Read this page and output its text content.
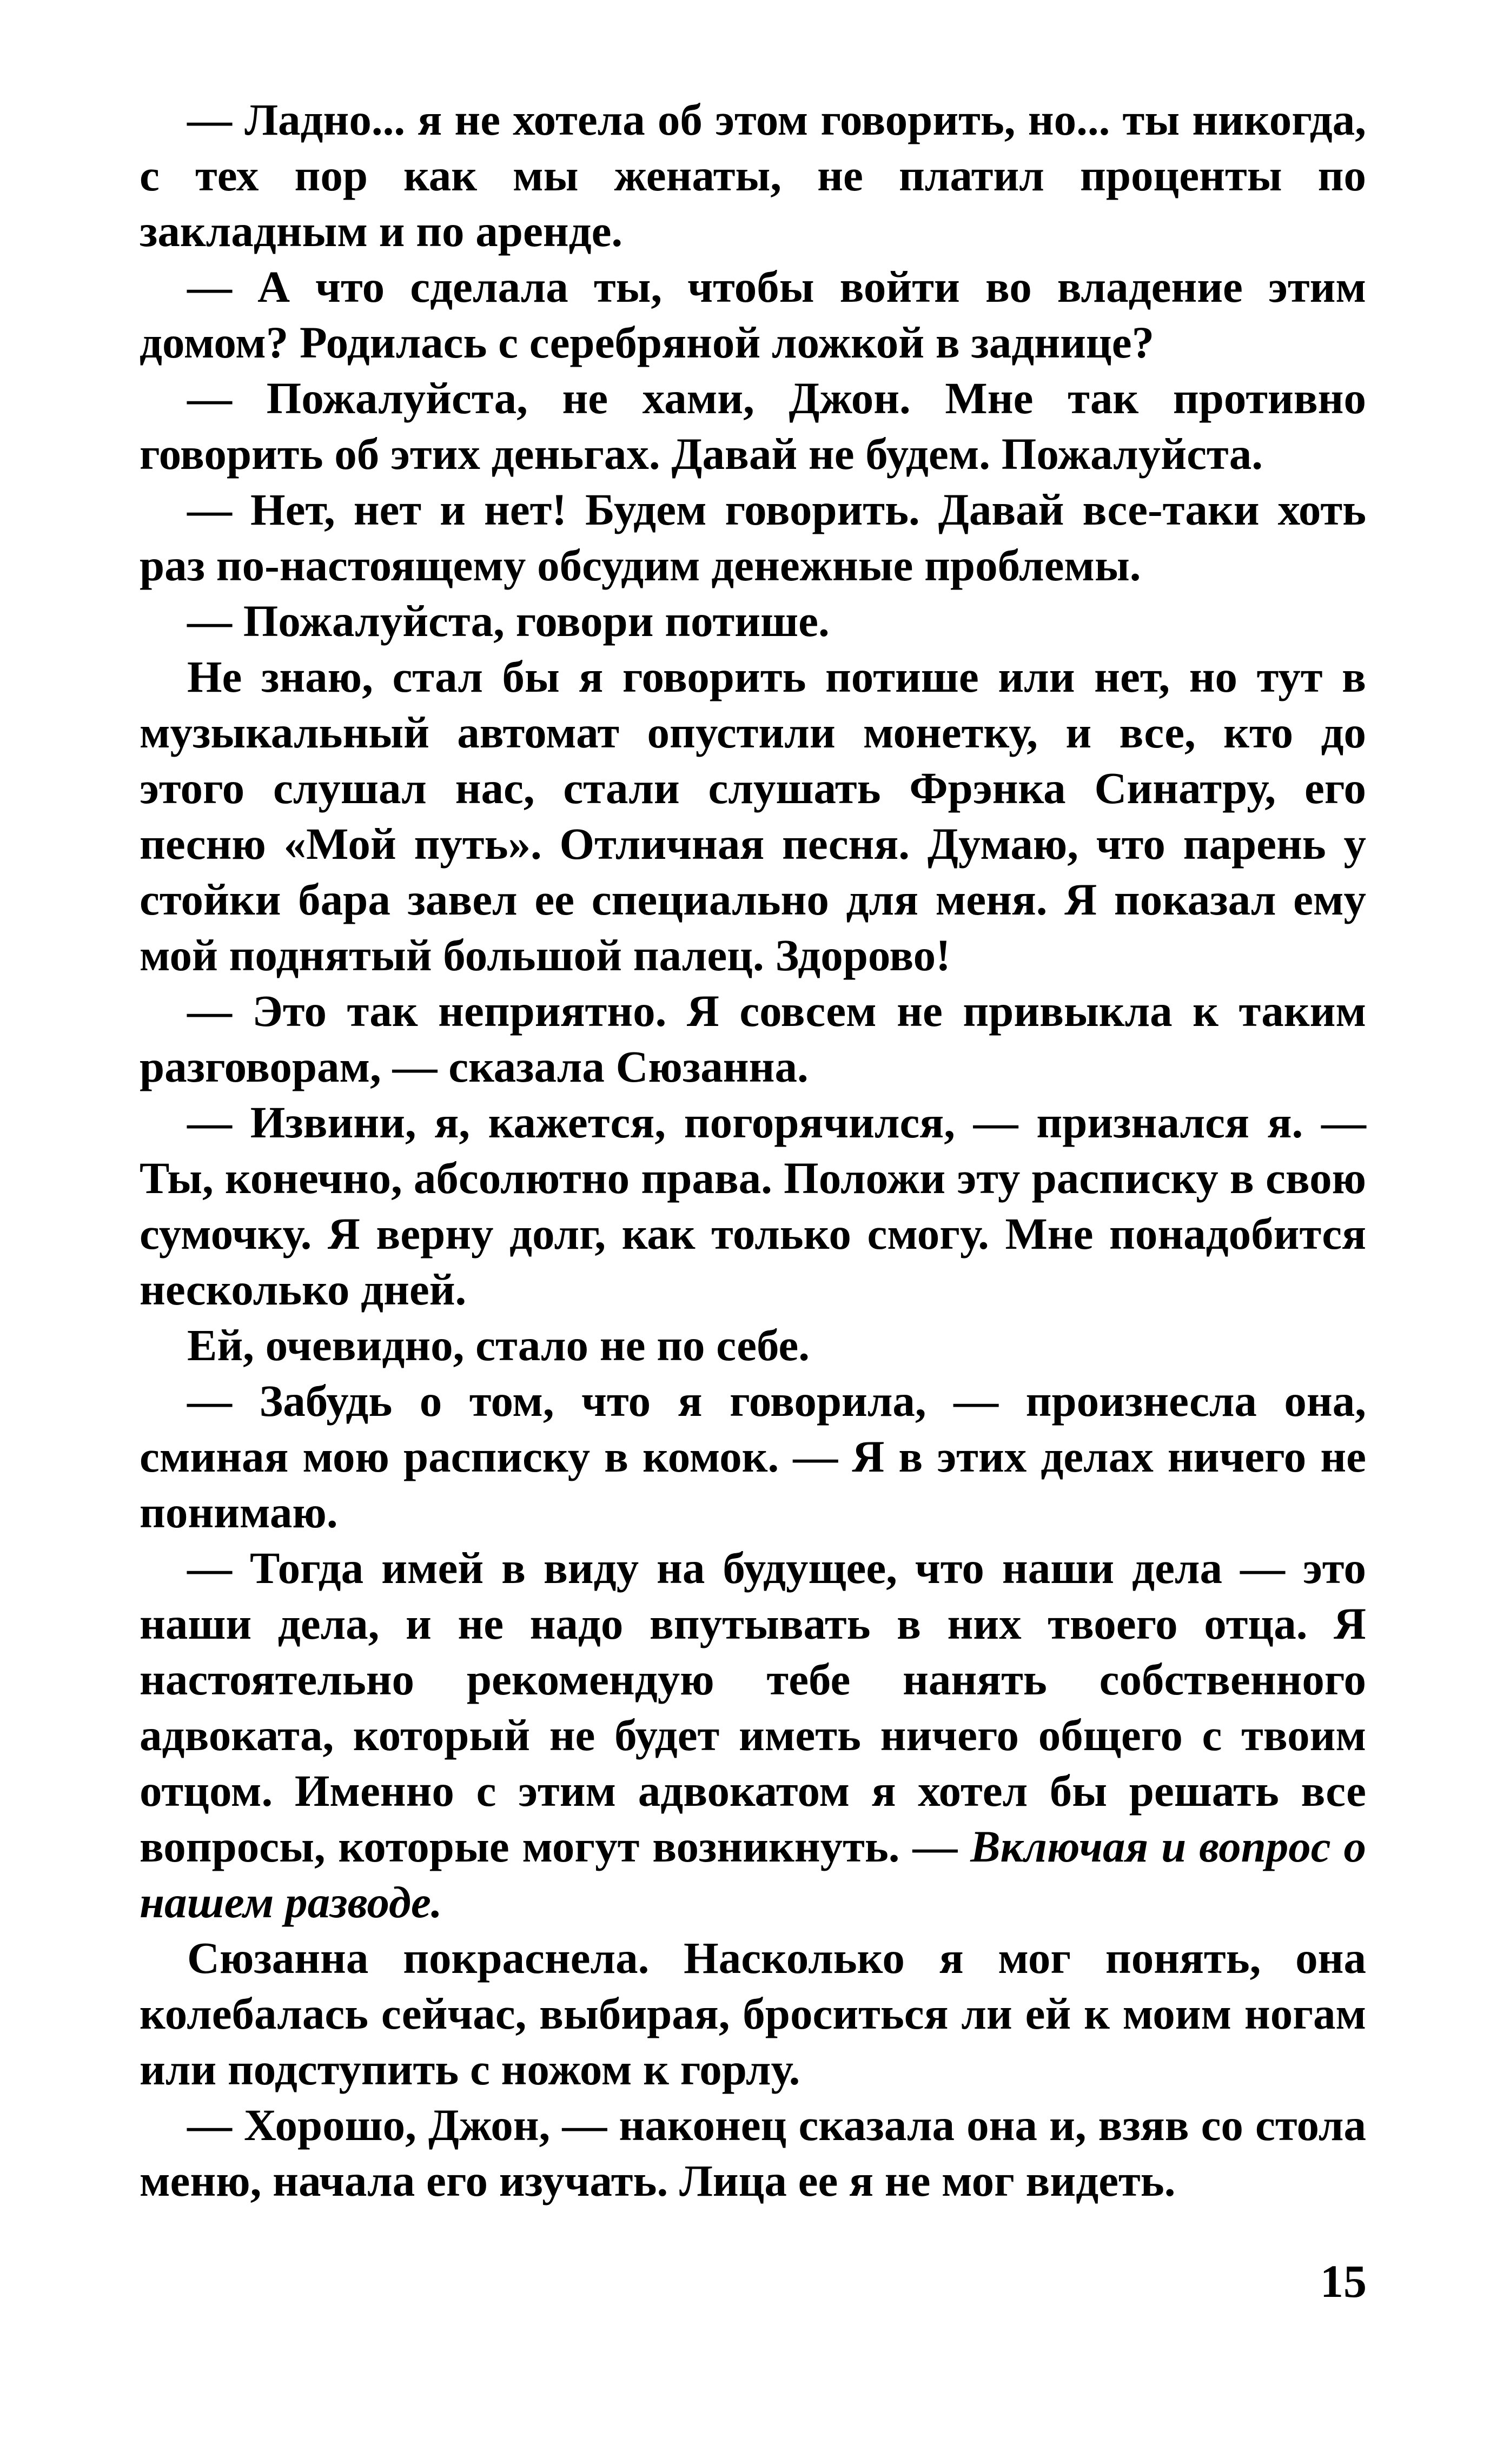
— Ладно... я не хотела об этом говорить, но... ты никогда, с тех пор как мы женаты, не платил проценты по закладным и по аренде.

— А что сделала ты, чтобы войти во владение этим домом? Родилась с серебряной ложкой в заднице?

— Пожалуйста, не хами, Джон. Мне так противно говорить об этих деньгах. Давай не будем. Пожалуйста.

— Нет, нет и нет! Будем говорить. Давай все-таки хоть раз по-настоящему обсудим денежные проблемы.

— Пожалуйста, говори потише.

Не знаю, стал бы я говорить потише или нет, но тут в музыкальный автомат опустили монетку, и все, кто до этого слушал нас, стали слушать Фрэнка Синатру, его песню «Мой путь». Отличная песня. Думаю, что парень у стойки бара завел ее специально для меня. Я показал ему мой поднятый большой палец. Здорово!

— Это так неприятно. Я совсем не привыкла к таким разговорам, — сказала Сюзанна.

— Извини, я, кажется, погорячился, — признался я. — Ты, конечно, абсолютно права. Положи эту расписку в свою сумочку. Я верну долг, как только смогу. Мне понадобится несколько дней.

Ей, очевидно, стало не по себе.

— Забудь о том, что я говорила, — произнесла она, сминая мою расписку в комок. — Я в этих делах ничего не понимаю.

— Тогда имей в виду на будущее, что наши дела — это наши дела, и не надо впутывать в них твоего отца. Я настоятельно рекомендую тебе нанять собственного адвоката, который не будет иметь ничего общего с твоим отцом. Именно с этим адвокатом я хотел бы решать все вопросы, которые могут возникнуть. — Включая и вопрос о нашем разводе.

Сюзанна покраснела. Насколько я мог понять, она колебалась сейчас, выбирая, броситься ли ей к моим ногам или подступить с ножом к горлу.

— Хорошо, Джон, — наконец сказала она и, взяв со стола меню, начала его изучать. Лица ее я не мог видеть.

15
